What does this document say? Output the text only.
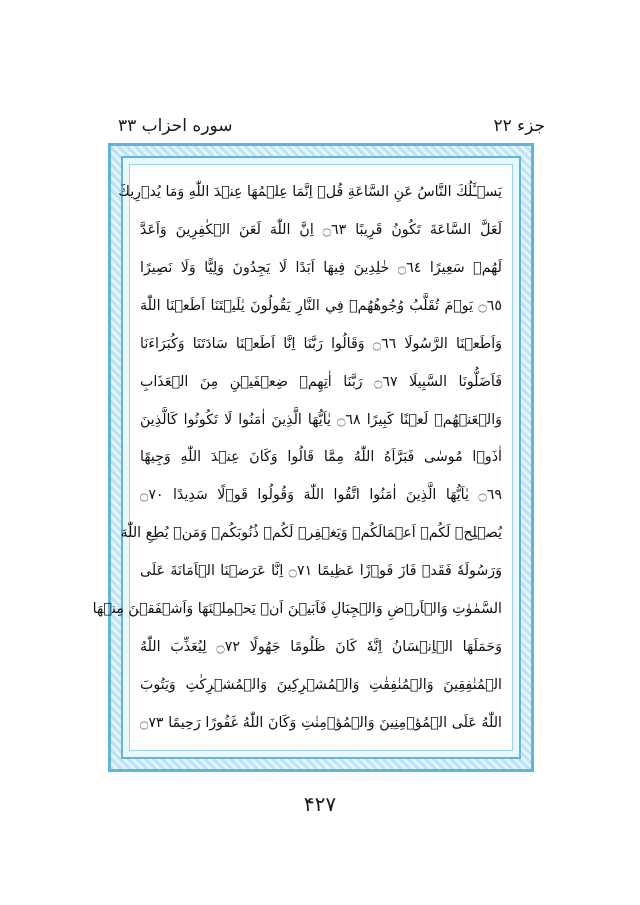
جزء ۲۲
سوره احزاب ۳۳
يَسۡـَٔلُكَ النَّاسُ عَنِ السَّاعَةِ قُلۡ اِنَّمَا عِلۡمُهَا عِنۡدَ اللّٰهِ وَمَا يُدۡرِيكَ
لَعَلَّ السَّاعَةَ تَكُونُ قَرِيبًا ۝٦٣ اِنَّ اللّٰهَ لَعَنَ الۡكٰفِرِينَ وَاَعَدَّ
لَهُمۡ سَعِيرًا ۝٦٤ خٰلِدِينَ فِيهَا اَبَدًا لَا يَجِدُونَ وَلِيًّا وَلَا نَصِيرًا
۝٦٥ يَوۡمَ تُقَلَّبُ وُجُوهُهُمۡ فِي النَّارِ يَقُولُونَ يٰلَيۡتَنَا اَطَعۡنَا اللّٰهَ
وَاَطَعۡنَا الرَّسُولَا ۝٦٦ وَقَالُوا رَبَّنَا اِنَّا اَطَعۡنَا سَادَتَنَا وَكُبَرَاءَنَا
فَاَضَلُّونَا السَّبِيلَا ۝٦٧ رَبَّنَا اٰتِهِمۡ ضِعۡفَيۡنِ مِنَ الۡعَذَابِ
وَالۡعَنۡهُمۡ لَعۡنًا كَبِيرًا ۝٦٨ يٰاَيُّهَا الَّذِينَ اٰمَنُوا لَا تَكُونُوا كَالَّذِينَ
اٰذَوۡا مُوسٰى فَبَرَّاَهُ اللّٰهُ مِمَّا قَالُوا وَكَانَ عِنۡدَ اللّٰهِ وَجِيهًا
۝٦٩ يٰاَيُّهَا الَّذِينَ اٰمَنُوا اتَّقُوا اللّٰهَ وَقُولُوا قَوۡلًا سَدِيدًا ۝٧٠
يُصۡلِحۡ لَكُمۡ اَعۡمَالَكُمۡ وَيَغۡفِرۡ لَكُمۡ ذُنُوبَكُمۡ وَمَنۡ يُطِعِ اللّٰهَ
وَرَسُولَهٗ فَقَدۡ فَازَ فَوۡزًا عَظِيمًا ۝٧١ اِنَّا عَرَضۡنَا الۡاَمَانَةَ عَلَى
السَّمٰوٰتِ وَالۡاَرۡضِ وَالۡجِبَالِ فَاَبَيۡنَ اَنۡ يَحۡمِلۡنَهَا وَاَشۡفَقۡنَ مِنۡهَا
وَحَمَلَهَا الۡاِنۡسَانُ اِنَّهٗ كَانَ ظَلُومًا جَهُولًا ۝٧٢ لِيُعَذِّبَ اللّٰهُ
الۡمُنٰفِقِينَ وَالۡمُنٰفِقٰتِ وَالۡمُشۡرِكِينَ وَالۡمُشۡرِكٰتِ وَيَتُوبَ
اللّٰهُ عَلَى الۡمُؤۡمِنِينَ وَالۡمُؤۡمِنٰتِ وَكَانَ اللّٰهُ غَفُورًا رَحِيمًا ۝٧٣
۴۲۷
